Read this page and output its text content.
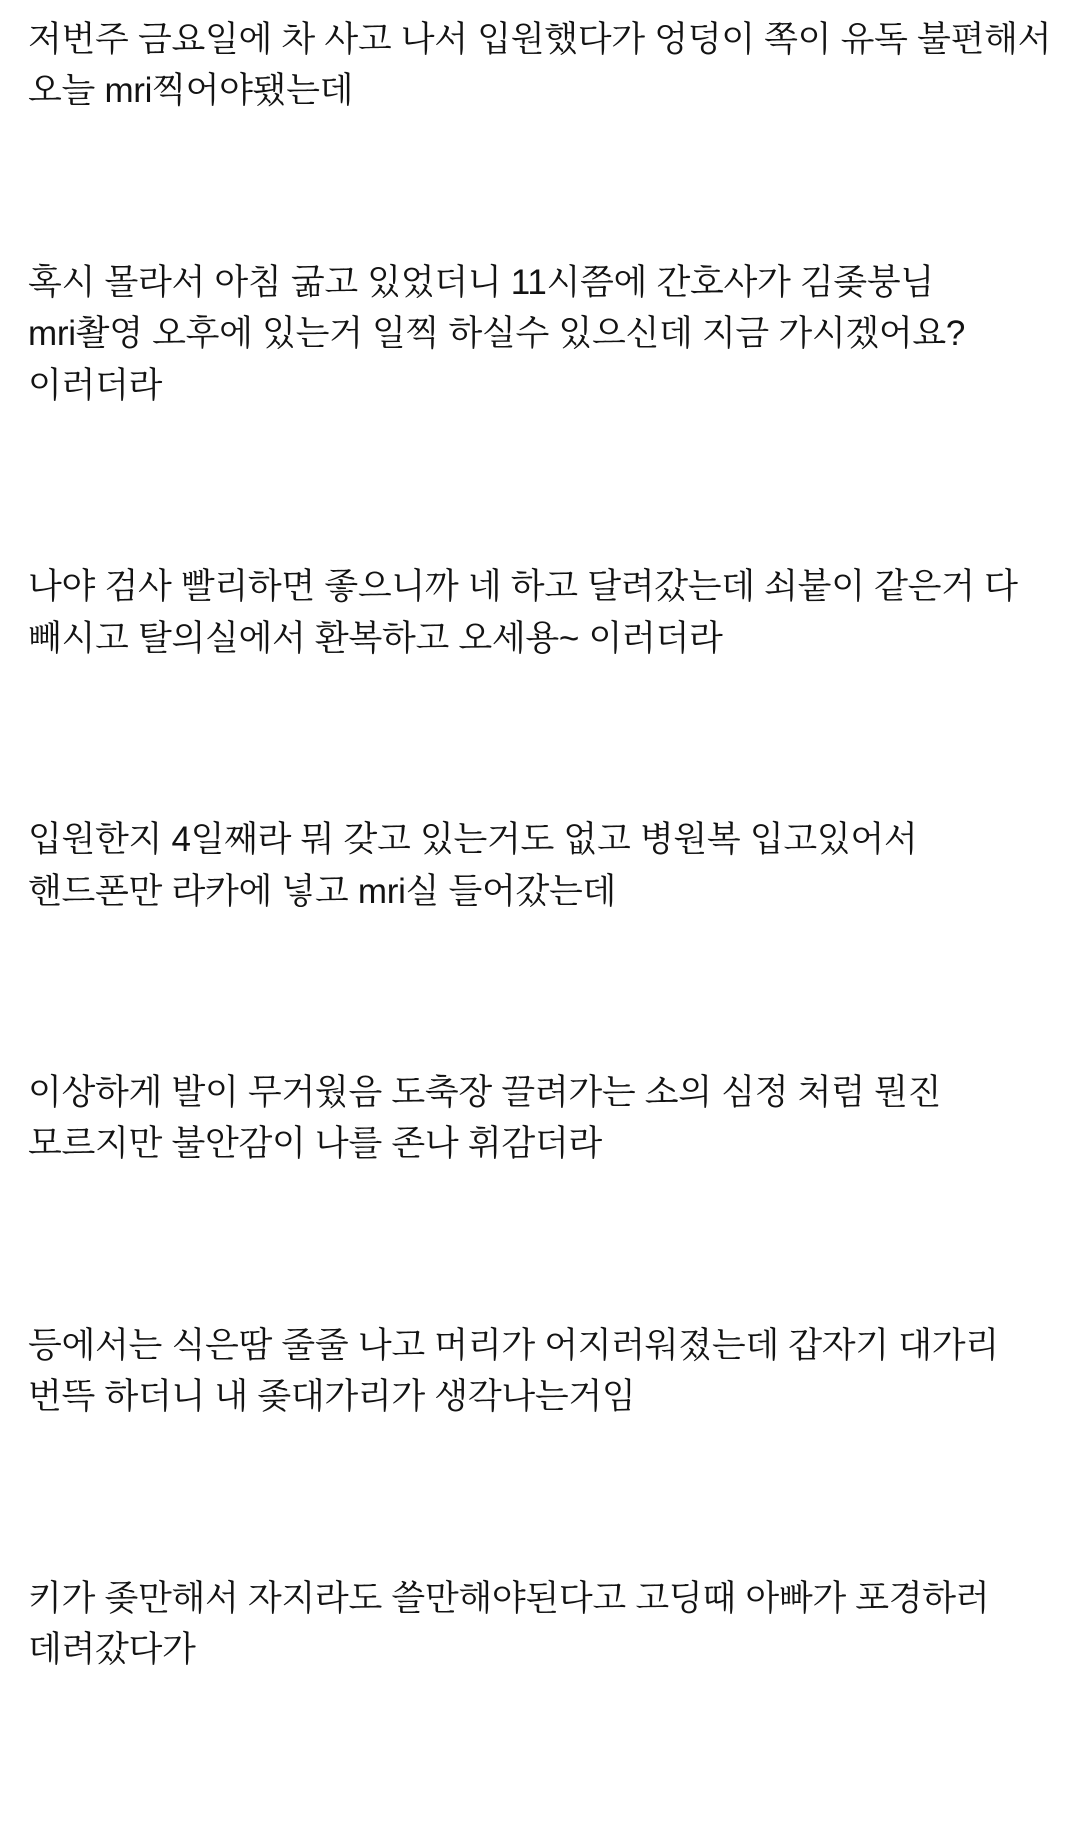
저번주 금요일에 차 사고 나서 입원했다가 엉덩이 쪽이 유독 불편해서 오늘 mri찍어야됐는데

혹시 몰라서 아침 굶고 있었더니 11시쯤에 간호사가 김좆붕님 mri촬영 오후에 있는거 일찍 하실수 있으신데 지금 가시겠어요? 이러더라

나야 검사 빨리하면 좋으니까 네 하고 달려갔는데 쇠붙이 같은거 다 빼시고 탈의실에서 환복하고 오세용~ 이러더라

입원한지 4일째라 뭐 갖고 있는거도 없고 병원복 입고있어서 핸드폰만 라카에 넣고 mri실 들어갔는데

이상하게 발이 무거웠음 도축장 끌려가는 소의 심정 처럼 뭔진 모르지만 불안감이 나를 존나 휘감더라

등에서는 식은땀 줄줄 나고 머리가 어지러워졌는데 갑자기 대가리 번뜩 하더니 내 좆대가리가 생각나는거임

키가 좆만해서 자지라도 쓸만해야된다고 고딩때 아빠가 포경하러 데려갔다가
